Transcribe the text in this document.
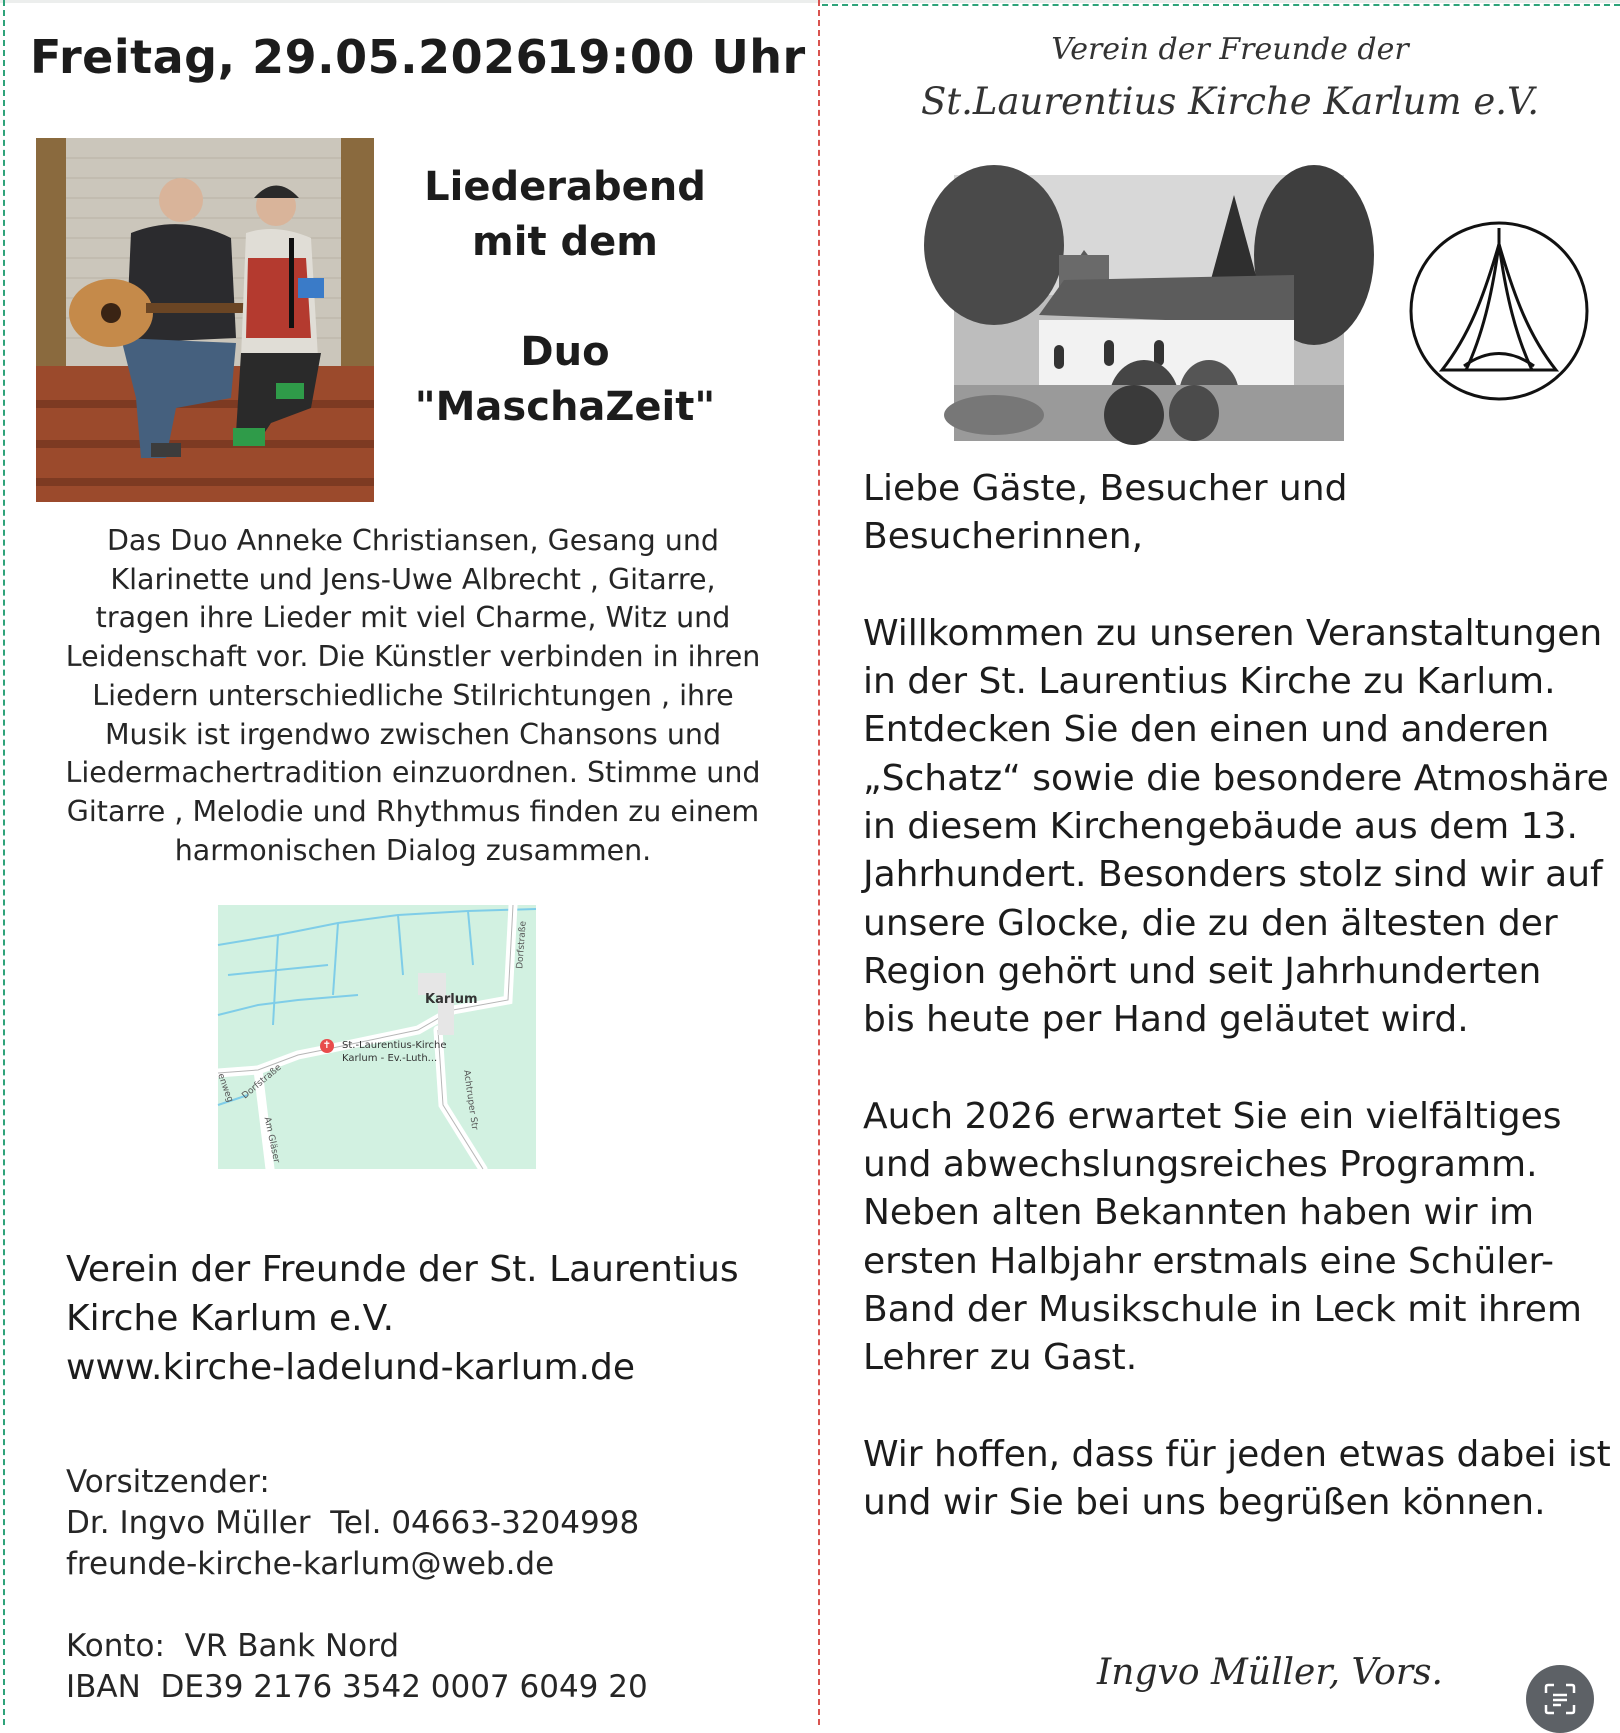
Freitag, 29.05.2026
19:00 Uhr
Liederabend
mit dem
Duo
"MaschaZeit"
Das Duo Anneke Christiansen, Gesang und
Klarinette und Jens-Uwe Albrecht , Gitarre,
tragen ihre Lieder mit viel Charme, Witz und
Leidenschaft vor. Die Künstler verbinden in ihren
Liedern unterschiedliche Stilrichtungen , ihre
Musik ist irgendwo zwischen Chansons und
Liedermachertradition einzuordnen. Stimme und
Gitarre , Melodie und Rhythmus finden zu einem
harmonischen Dialog zusammen.
Karlum
✝ St.-Laurentius-Kirche
Karlum - Ev.-Luth...
Dorfstraße
Achtruper Str
Am Gläser
Dorfstraße
enweg
Verein der Freunde der St. Laurentius
Kirche Karlum e.V.
www.kirche-ladelund-karlum.de
Vorsitzender:
Dr. Ingvo Müller  Tel. 04663-3204998
freunde-kirche-karlum@web.de
Konto:  VR Bank Nord
IBAN  DE39 2176 3542 0007 6049 20
Verein der Freunde der
St.Laurentius Kirche Karlum e.V.
Liebe Gäste, Besucher und
Besucherinnen,
Willkommen zu unseren Veranstaltungen
in der St. Laurentius Kirche zu Karlum.
Entdecken Sie den einen und anderen
„Schatz“ sowie die besondere Atmoshäre
in diesem Kirchengebäude aus dem 13.
Jahrhundert. Besonders stolz sind wir auf
unsere Glocke, die zu den ältesten der
Region gehört und seit Jahrhunderten
bis heute per Hand geläutet wird.
Auch 2026 erwartet Sie ein vielfältiges
und abwechslungsreiches Programm.
Neben alten Bekannten haben wir im
ersten Halbjahr erstmals eine Schüler-
Band der Musikschule in Leck mit ihrem
Lehrer zu Gast.
Wir hoffen, dass für jeden etwas dabei ist
und wir Sie bei uns begrüßen können.
Ingvo Müller, Vors.
